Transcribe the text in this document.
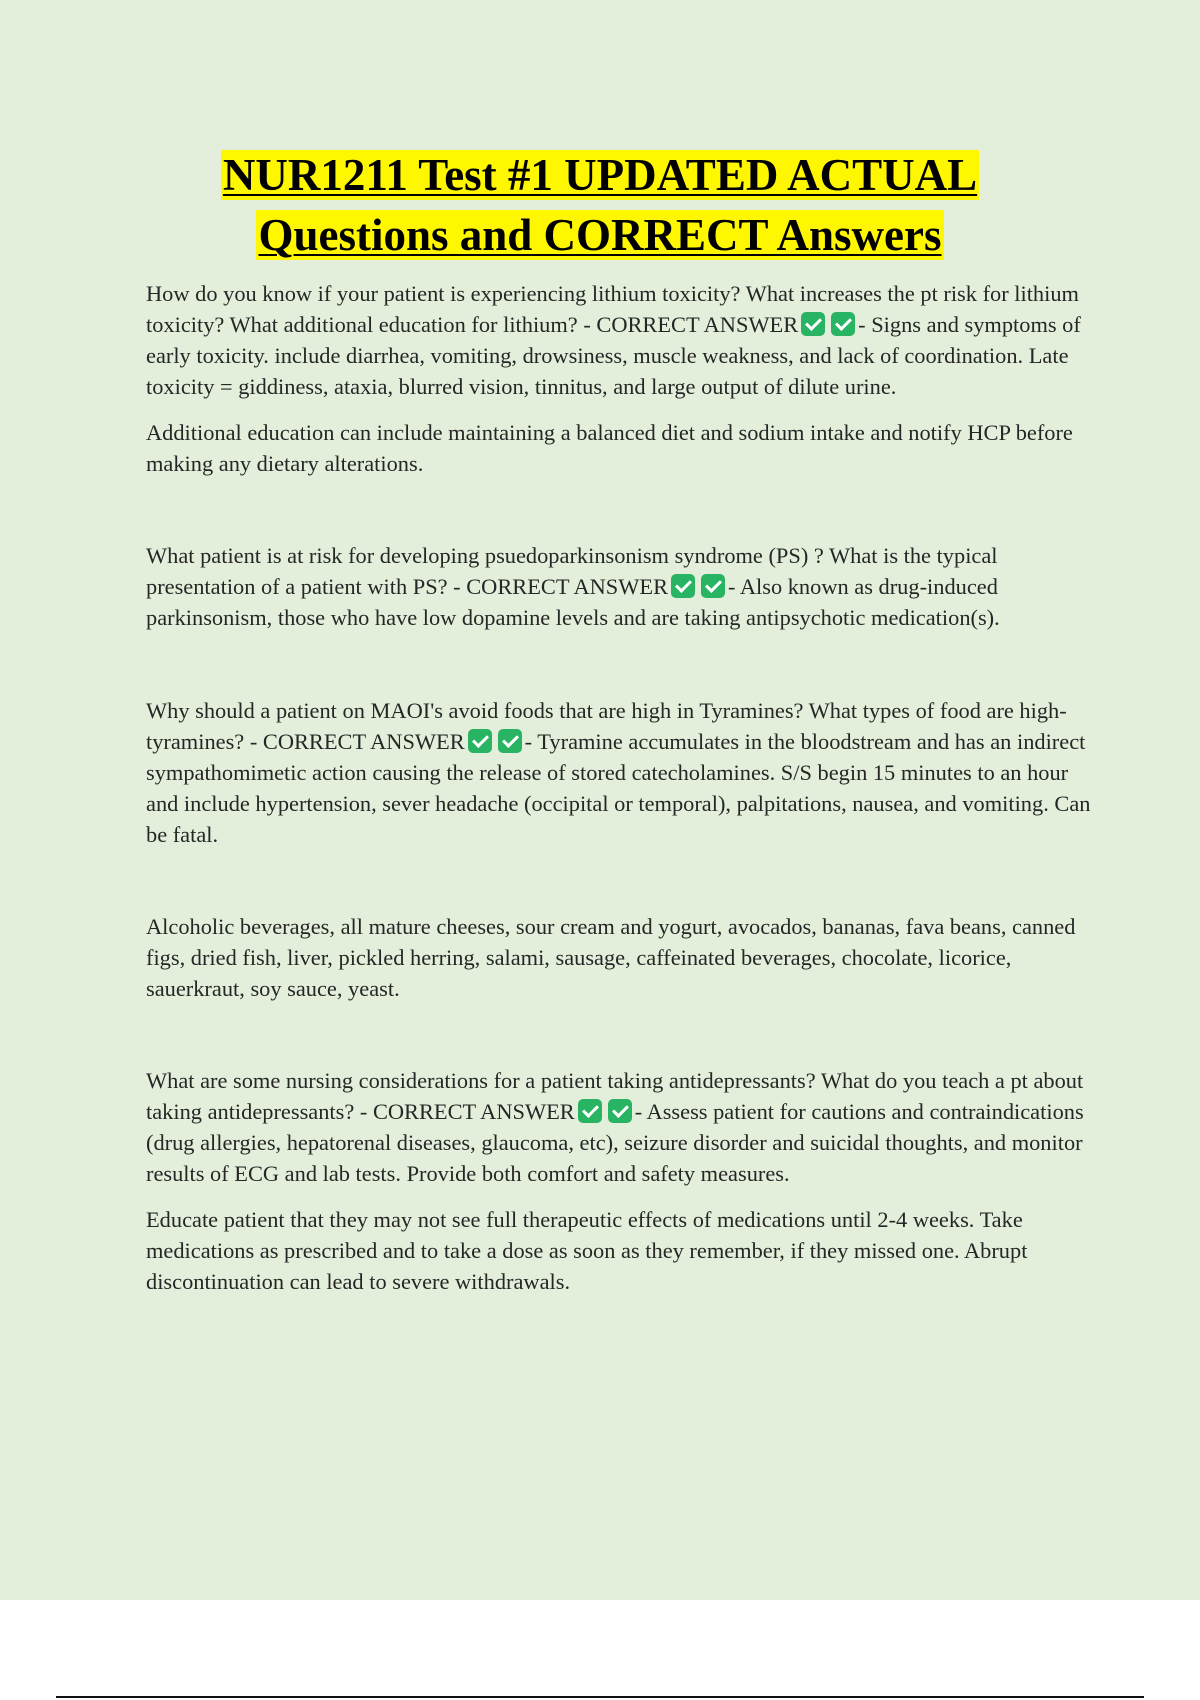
NUR1211 Test #1 UPDATED ACTUAL
Questions and CORRECT Answers

How do you know if your patient is experiencing lithium toxicity? What increases the pt risk for lithium toxicity? What additional education for lithium? - CORRECT ANSWER	- Signs and symptoms of early toxicity. include diarrhea, vomiting, drowsiness, muscle weakness, and lack of coordination. Late toxicity = giddiness, ataxia, blurred vision, tinnitus, and large output of dilute urine.

Additional education can include maintaining a balanced diet and sodium intake and notify HCP before making any dietary alterations.

What patient is at risk for developing psuedoparkinsonism syndrome (PS) ? What is the typical presentation of a patient with PS? - CORRECT ANSWER	- Also known as drug-induced parkinsonism, those who have low dopamine levels and are taking antipsychotic medication(s).

Why should a patient on MAOI's avoid foods that are high in Tyramines? What types of food are high-tyramines? - CORRECT ANSWER	- Tyramine accumulates in the bloodstream and has an indirect sympathomimetic action causing the release of stored catecholamines. S/S begin 15 minutes to an hour and include hypertension, sever headache (occipital or temporal), palpitations, nausea, and vomiting. Can be fatal.

Alcoholic beverages, all mature cheeses, sour cream and yogurt, avocados, bananas, fava beans, canned figs, dried fish, liver, pickled herring, salami, sausage, caffeinated beverages, chocolate, licorice, sauerkraut, soy sauce, yeast.

What are some nursing considerations for a patient taking antidepressants? What do you teach a pt about taking antidepressants? - CORRECT ANSWER	- Assess patient for cautions and contraindications (drug allergies, hepatorenal diseases, glaucoma, etc), seizure disorder and suicidal thoughts, and monitor results of ECG and lab tests. Provide both comfort and safety measures.

Educate patient that they may not see full therapeutic effects of medications until 2-4 weeks. Take medications as prescribed and to take a dose as soon as they remember, if they missed one. Abrupt discontinuation can lead to severe withdrawals.
